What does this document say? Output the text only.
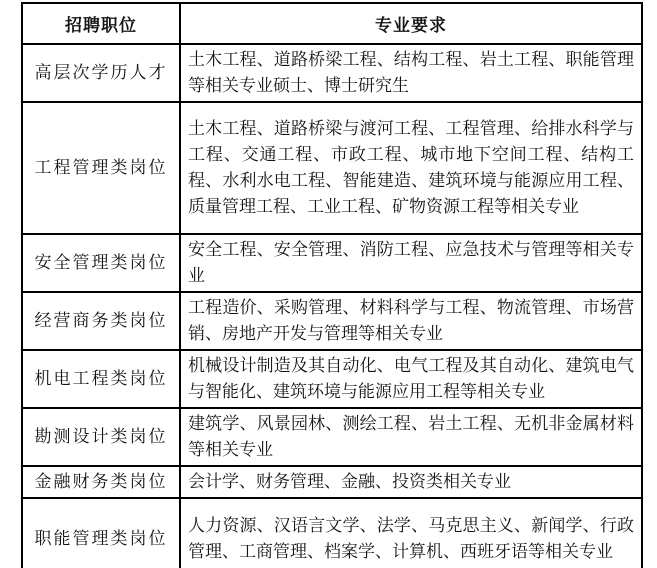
招聘职位	专业要求
高层次学历人才	土木工程、道路桥梁工程、结构工程、岩土工程、职能管理等相关专业硕士、博士研究生
工程管理类岗位	土木工程、道路桥梁与渡河工程、工程管理、给排水科学与工程、交通工程、市政工程、城市地下空间工程、结构工程、水利水电工程、智能建造、建筑环境与能源应用工程、质量管理工程、工业工程、矿物资源工程等相关专业
安全管理类岗位	安全工程、安全管理、消防工程、应急技术与管理等相关专业
经营商务类岗位	工程造价、采购管理、材料科学与工程、物流管理、市场营销、房地产开发与管理等相关专业
机电工程类岗位	机械设计制造及其自动化、电气工程及其自动化、建筑电气与智能化、建筑环境与能源应用工程等相关专业
勘测设计类岗位	建筑学、风景园林、测绘工程、岩土工程、无机非金属材料等相关专业
金融财务类岗位	会计学、财务管理、金融、投资类相关专业
职能管理类岗位	人力资源、汉语言文学、法学、马克思主义、新闻学、行政管理、工商管理、档案学、计算机、西班牙语等相关专业
